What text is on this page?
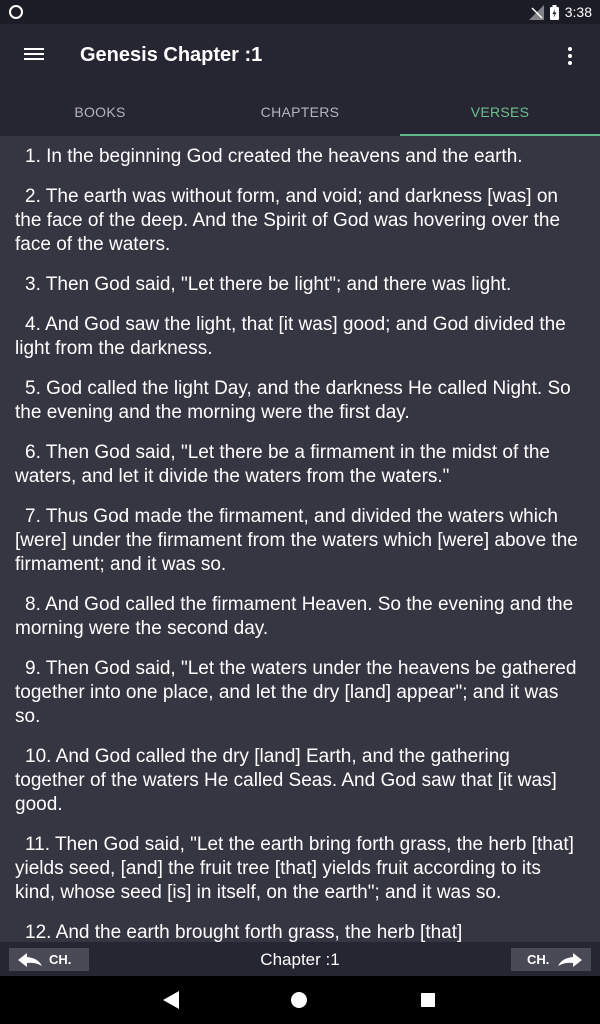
3:38
Genesis Chapter :1
BOOKS	CHAPTERS	VERSES

1. In the beginning God created the heavens and the earth.

2. The earth was without form, and void; and darkness [was] on the face of the deep. And the Spirit of God was hovering over the face of the waters.

3. Then God said, "Let there be light"; and there was light.

4. And God saw the light, that [it was] good; and God divided the light from the darkness.

5. God called the light Day, and the darkness He called Night. So the evening and the morning were the first day.

6. Then God said, "Let there be a firmament in the midst of the waters, and let it divide the waters from the waters."

7. Thus God made the firmament, and divided the waters which [were] under the firmament from the waters which [were] above the firmament; and it was so.

8. And God called the firmament Heaven. So the evening and the morning were the second day.

9. Then God said, "Let the waters under the heavens be gathered together into one place, and let the dry [land] appear"; and it was so.

10. And God called the dry [land] Earth, and the gathering together of the waters He called Seas. And God saw that [it was] good.

11. Then God said, "Let the earth bring forth grass, the herb [that] yields seed, [and] the fruit tree [that] yields fruit according to its kind, whose seed [is] in itself, on the earth"; and it was so.

12. And the earth brought forth grass, the herb [that]

CH.	Chapter :1	CH.
